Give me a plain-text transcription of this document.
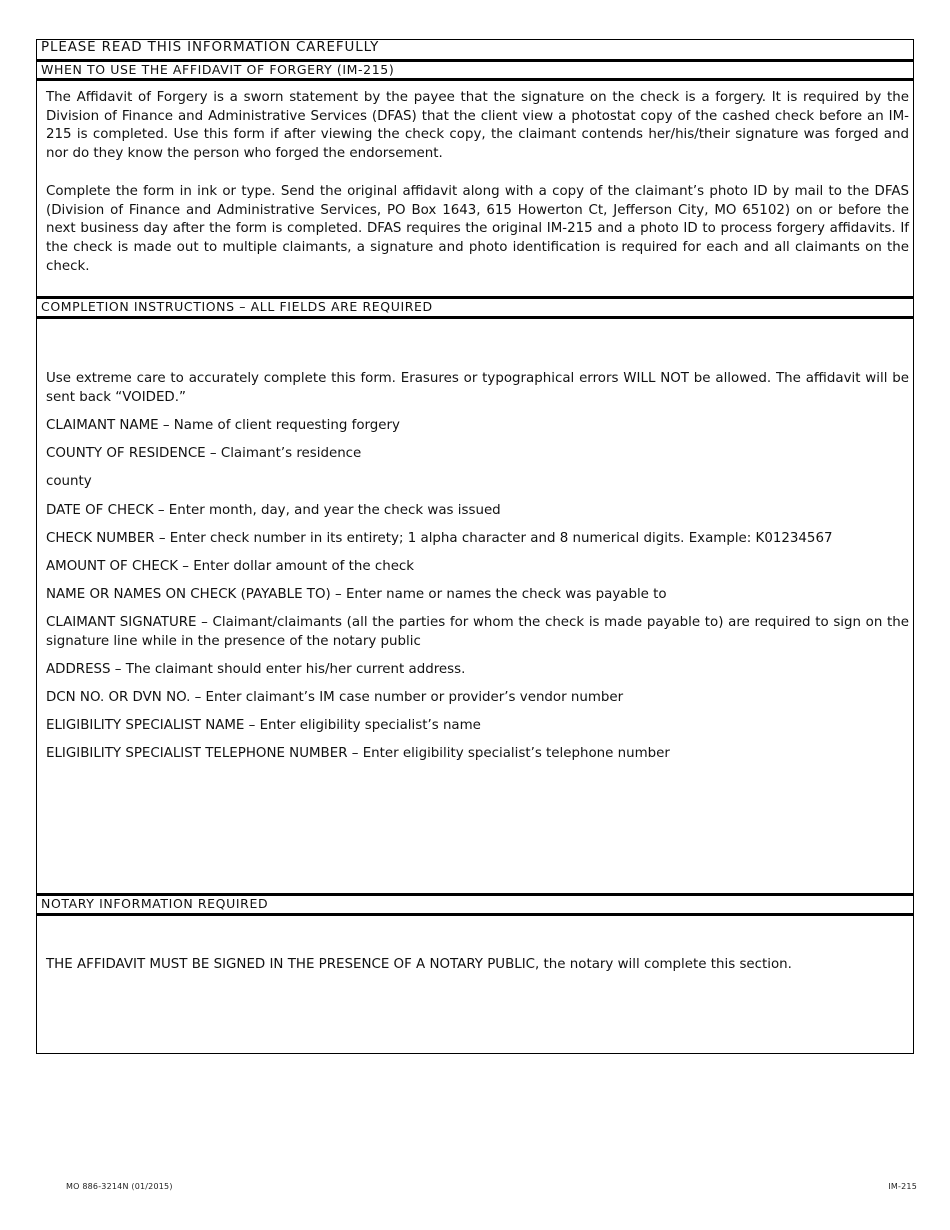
PLEASE READ THIS INFORMATION CAREFULLY
WHEN TO USE THE AFFIDAVIT OF FORGERY (IM-215)

The Affidavit of Forgery is a sworn statement by the payee that the signature on the check is a forgery. It is required by the Division of Finance and Administrative Services (DFAS) that the client view a photostat copy of the cashed check before an IM-215 is completed. Use this form if after viewing the check copy, the claimant contends her/his/their signature was forged and nor do they know the person who forged the endorsement.

Complete the form in ink or type. Send the original affidavit along with a copy of the claimant’s photo ID by mail to the DFAS (Division of Finance and Administrative Services, PO Box 1643, 615 Howerton Ct, Jefferson City, MO 65102) on or before the next business day after the form is completed. DFAS requires the original IM-215 and a photo ID to process forgery affidavits. If the check is made out to multiple claimants, a signature and photo identification is required for each and all claimants on the check.

COMPLETION INSTRUCTIONS – ALL FIELDS ARE REQUIRED

Use extreme care to accurately complete this form. Erasures or typographical errors WILL NOT be allowed. The affidavit will be sent back “VOIDED.”

CLAIMANT NAME – Name of client requesting forgery

COUNTY OF RESIDENCE – Claimant’s residence

county

DATE OF CHECK – Enter month, day, and year the check was issued

CHECK NUMBER – Enter check number in its entirety; 1 alpha character and 8 numerical digits. Example: K01234567

AMOUNT OF CHECK – Enter dollar amount of the check

NAME OR NAMES ON CHECK (PAYABLE TO) – Enter name or names the check was payable to

CLAIMANT SIGNATURE – Claimant/claimants (all the parties for whom the check is made payable to) are required to sign on the signature line while in the presence of the notary public

ADDRESS – The claimant should enter his/her current address.

DCN NO. OR DVN NO. – Enter claimant’s IM case number or provider’s vendor number

ELIGIBILITY SPECIALIST NAME – Enter eligibility specialist’s name

ELIGIBILITY SPECIALIST TELEPHONE NUMBER – Enter eligibility specialist’s telephone number

NOTARY INFORMATION REQUIRED

THE AFFIDAVIT MUST BE SIGNED IN THE PRESENCE OF A NOTARY PUBLIC, the notary will complete this section.

MO 886-3214N (01/2015)	IM-215
